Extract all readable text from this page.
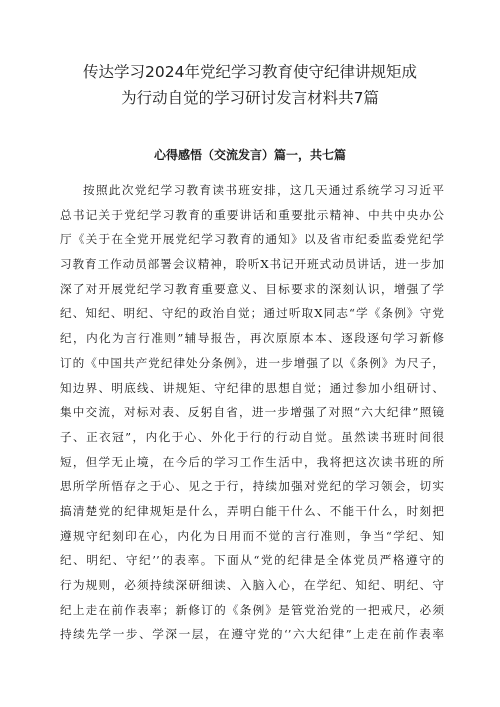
传达学习2024年党纪学习教育使守纪律讲规矩成
为行动自觉的学习研讨发言材料共7篇
心得感悟（交流发言）篇一，共七篇
按照此次党纪学习教育读书班安排，这几天通过系统学习习近平
总书记关于党纪学习教育的重要讲话和重要批示精神、中共中央办公
厅《关于在全党开展党纪学习教育的通知》以及省市纪委监委党纪学
习教育工作动员部署会议精神，聆听X书记开班式动员讲话，进一步加
深了对开展党纪学习教育重要意义、目标要求的深刻认识，增强了学
纪、知纪、明纪、守纪的政治自觉；通过听取X同志“学《条例》守党
纪，内化为言行准则”辅导报告，再次原原本本、逐段逐句学习新修
订的《中国共产党纪律处分条例》，进一步增强了以《条例》为尺子，
知边界、明底线、讲规矩、守纪律的思想自觉；通过参加小组研讨、
集中交流，对标对表、反躬自省，进一步增强了对照“六大纪律”照镜
子、正衣冠”，内化于心、外化于行的行动自觉。虽然读书班时间很
短，但学无止境，在今后的学习工作生活中，我将把这次读书班的所
思所学所悟存之于心、见之于行，持续加强对党纪的学习领会，切实
搞清楚党的纪律规矩是什么，弄明白能干什么、不能干什么，时刻把
遵规守纪刻印在心，内化为日用而不觉的言行准则，争当“学纪、知
纪、明纪、守纪’’的表率。下面从“党的纪律是全体党员严格遵守的
行为规则，必须持续深研细读、入脑入心，在学纪、知纪、明纪、守
纪上走在前作表率；新修订的《条例》是管党治党的一把戒尺，必须
持续先学一步、学深一层，在遵守党的‘’六大纪律”上走在前作表率
